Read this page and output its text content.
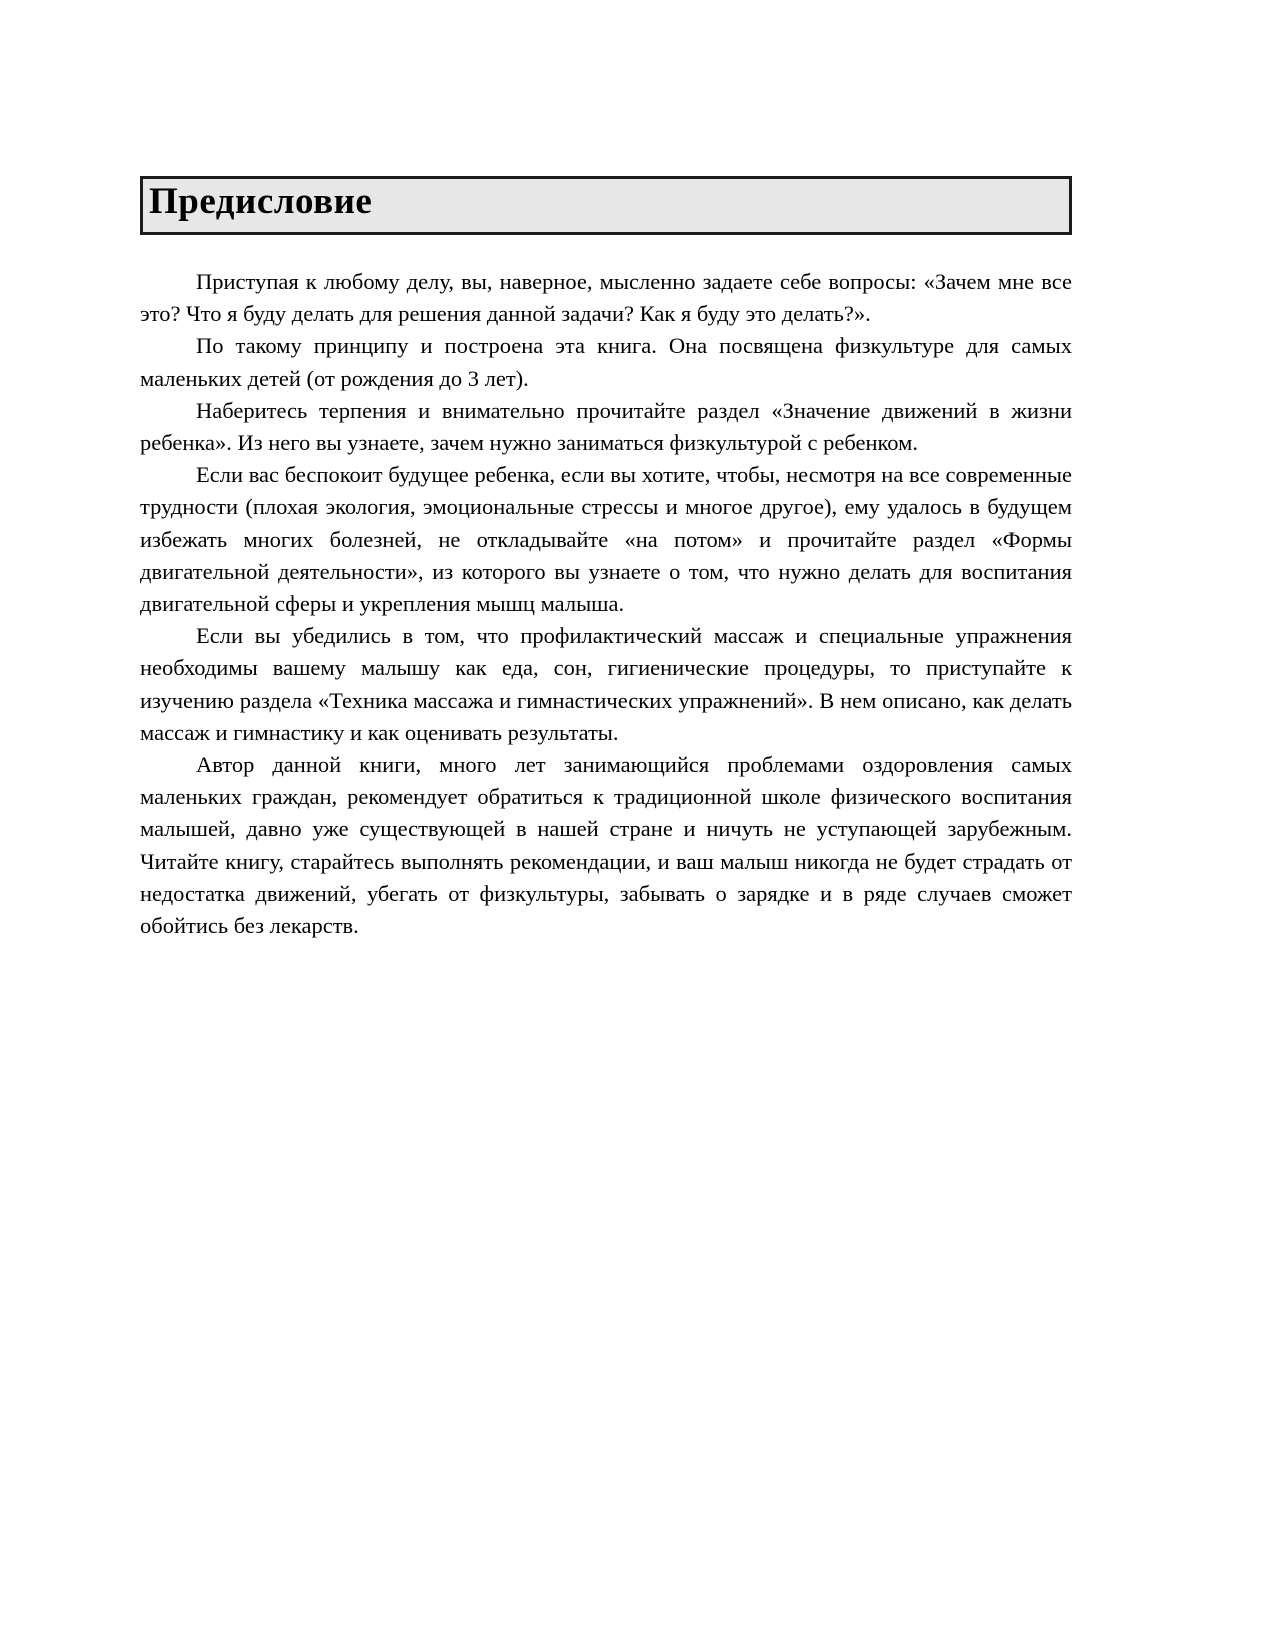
Предисловие

Приступая к любому делу, вы, наверное, мысленно задаете себе вопросы: «Зачем мне все это? Что я буду делать для решения данной задачи? Как я буду это делать?».

По такому принципу и построена эта книга. Она посвящена физкультуре для самых маленьких детей (от рождения до 3 лет).

Наберитесь терпения и внимательно прочитайте раздел «Значение движений в жизни ребенка». Из него вы узнаете, зачем нужно заниматься физкультурой с ребенком.

Если вас беспокоит будущее ребенка, если вы хотите, чтобы, несмотря на все современные трудности (плохая экология, эмоциональные стрессы и многое другое), ему удалось в будущем избежать многих болезней, не откладывайте «на потом» и прочитайте раздел «Формы двигательной деятельности», из которого вы узнаете о том, что нужно делать для воспитания двигательной сферы и укрепления мышц малыша.

Если вы убедились в том, что профилактический массаж и специальные упражнения необходимы вашему малышу как еда, сон, гигиенические процедуры, то приступайте к изучению раздела «Техника массажа и гимнастических упражнений». В нем описано, как делать массаж и гимнастику и как оценивать результаты.

Автор данной книги, много лет занимающийся проблемами оздоровления самых маленьких граждан, рекомендует обратиться к традиционной школе физического воспитания малышей, давно уже существующей в нашей стране и ничуть не уступающей зарубежным. Читайте книгу, старайтесь выполнять рекомендации, и ваш малыш никогда не будет страдать от недостатка движений, убегать от физкультуры, забывать о зарядке и в ряде случаев сможет обойтись без лекарств.
